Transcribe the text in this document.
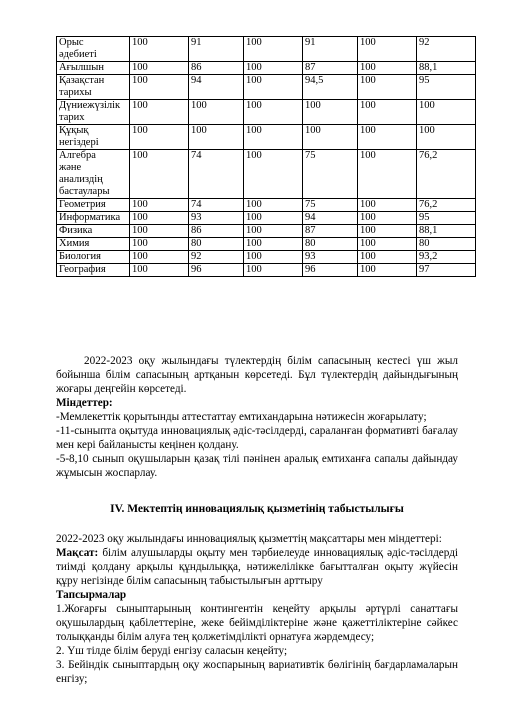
Орыс
әдебиеті	100	91	100	91	100	92
Ағылшын	100	86	100	87	100	88,1
Қазақстан
тарихы	100	94	100	94,5	100	95
Дүниежүзілік
тарих	100	100	100	100	100	100
Құқық
негіздері	100	100	100	100	100	100
Алгебра
және
анализдің
бастаулары	100	74	100	75	100	76,2
Геометрия	100	74	100	75	100	76,2
Информатика	100	93	100	94	100	95
Физика	100	86	100	87	100	88,1
Химия	100	80	100	80	100	80
Биология	100	92	100	93	100	93,2
География	100	96	100	96	100	97

2022-2023 оқу жылындағы түлектердің білім сапасының кестесі үш жыл бойынша білім сапасының артқанын көрсетеді. Бұл түлектердің дайындығының жоғары деңгейін көрсетеді.

Міндеттер:

-Мемлекеттік қорытынды аттестаттау емтихандарына нәтижесін жоғарылату;

-11-сыныпта оқытуда инновациялық әдіс-тәсілдерді, сараланған формативті бағалау мен кері байланысты кеңінен қолдану.

-5-8,10 сынып оқушыларын қазақ тілі пәнінен аралық емтиханға сапалы дайындау жұмысын жоспарлау.

IV. Мектептің инновациялық қызметінің табыстылығы

2022-2023 оқу жылындағы инновациялық қызметтің мақсаттары мен міндеттері:

Мақсат: білім алушыларды оқыту мен тәрбиелеуде инновациялық әдіс-тәсілдерді тиімді қолдану арқылы құндылыққа, нәтижелілікке бағытталған оқыту жүйесін құру негізінде білім сапасының табыстылығын арттыру

Тапсырмалар

1.Жоғарғы сыныптарының контингентін кеңейту арқылы әртүрлі санаттағы оқушылардың қабілеттеріне, жеке бейімділіктеріне және қажеттіліктеріне сәйкес толыққанды білім алуға тең қолжетімділікті орнатуға жәрдемдесу;

2. Үш тілде білім беруді енгізу саласын кеңейту;

3. Бейіндік сыныптардың оқу жоспарының вариативтік бөлігінің бағдарламаларын енгізу;
